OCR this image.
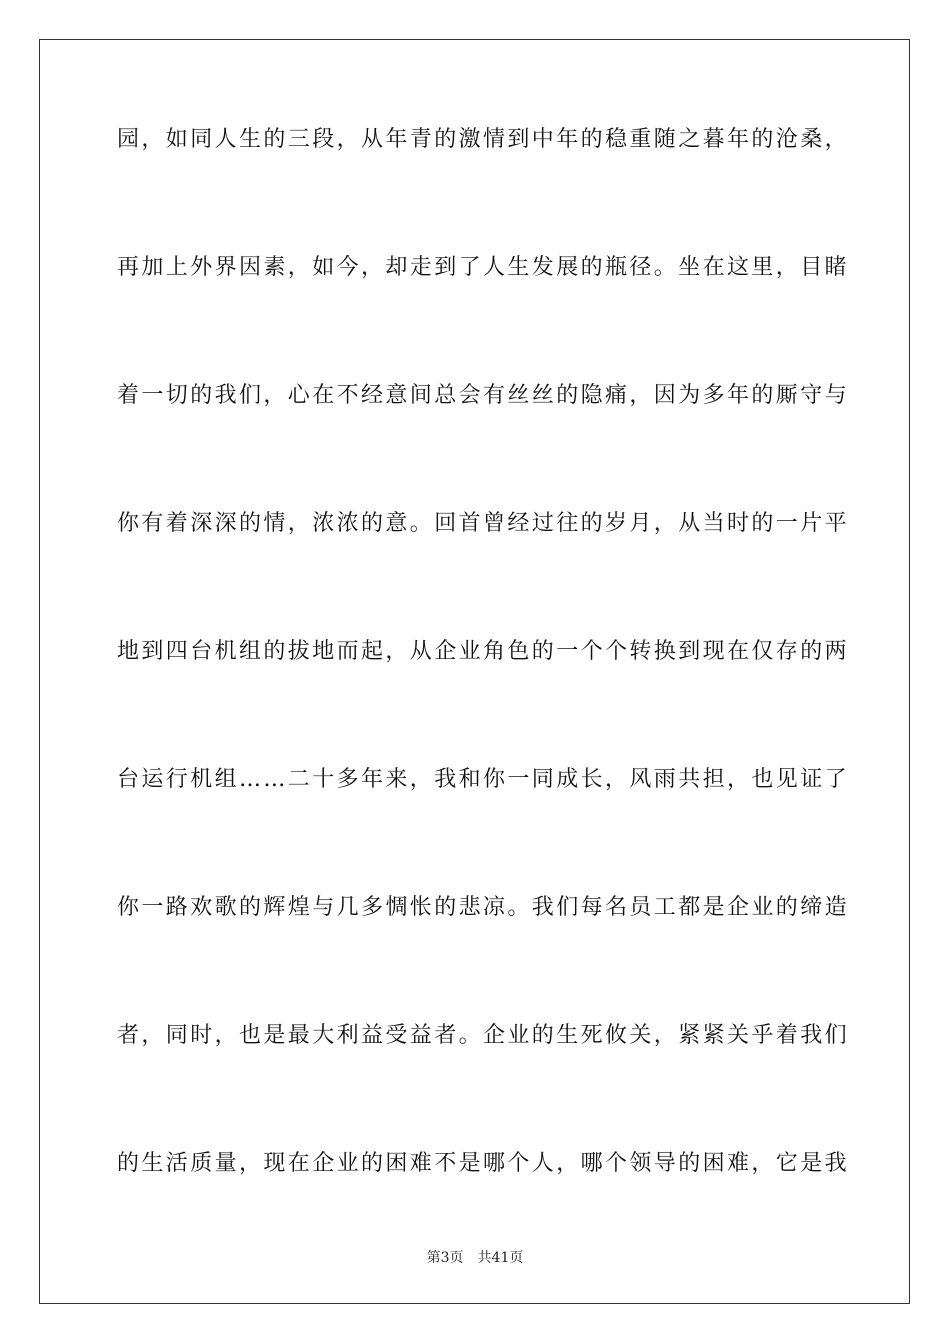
园，如同人生的三段，从年青的激情到中年的稳重随之暮年的沧桑，
再加上外界因素，如今，却走到了人生发展的瓶径。坐在这里，目睹
着一切的我们，心在不经意间总会有丝丝的隐痛，因为多年的厮守与
你有着深深的情，浓浓的意。回首曾经过往的岁月，从当时的一片平
地到四台机组的拔地而起，从企业角色的一个个转换到现在仅存的两
台运行机组……二十多年来，我和你一同成长，风雨共担，也见证了
你一路欢歌的辉煌与几多惆怅的悲凉。我们每名员工都是企业的缔造
者，同时，也是最大利益受益者。企业的生死攸关，紧紧关乎着我们
的生活质量，现在企业的困难不是哪个人，哪个领导的困难，它是我
第3页 共41页
